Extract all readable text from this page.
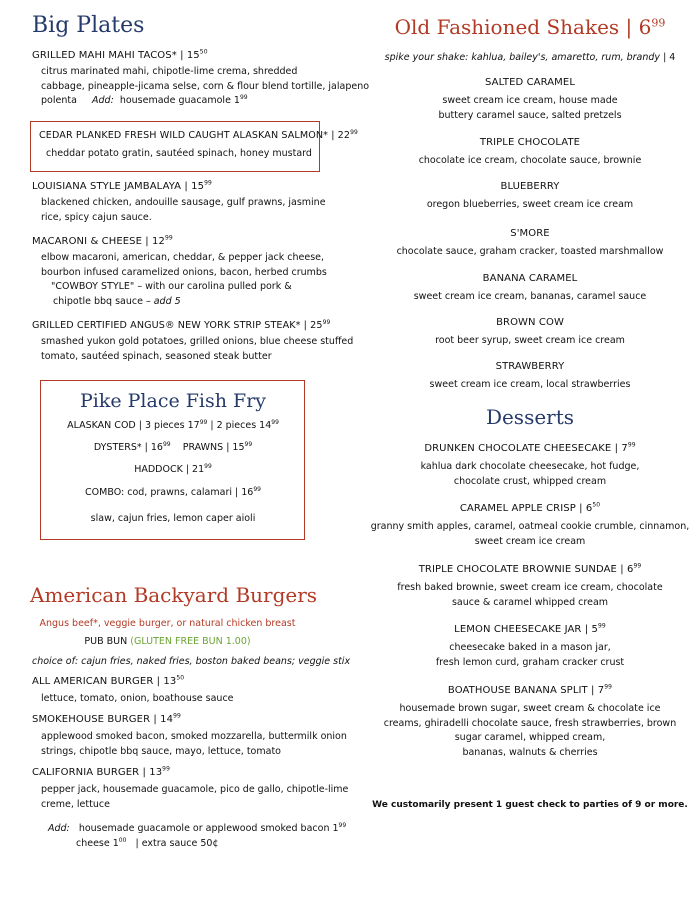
Big Plates
GRILLED MAHI MAHI TACOS* | $15^{50}$
citrus marinated mahi, chipotle-lime crema, shredded
cabbage, pineapple-jicama selse, corn & flour blend tortille, jalapeno
polenta Add: housemade guacamole $1^{99}$
CEDAR PLANKED FRESH WILD CAUGHT ALASKAN SALMON* | $22^{99}$
cheddar potato gratin, sautéed spinach, honey mustard
LOUISIANA STYLE JAMBALAYA | $15^{99}$
blackened chicken, andouille sausage, gulf prawns, jasmine
rice, spicy cajun sauce.
MACARONI & CHEESE | $12^{99}$
elbow macaroni, american, cheddar, & pepper jack cheese,
bourbon infused caramelized onions, bacon, herbed crumbs
"COWBOY STYLE" – with our carolina pulled pork &
chipotle bbq sauce – add 5
GRILLED CERTIFIED ANGUS® NEW YORK STRIP STEAK* | $25^{99}$
smashed yukon gold potatoes, grilled onions, blue cheese stuffed
tomato, sautéed spinach, seasoned steak butter
Pike Place Fish Fry
ALASKAN COD | 3 pieces $17^{99}$ | 2 pieces $14^{99}$
DYSTERS* | $16^{99}$ PRAWNS | $15^{99}$
HADDOCK | $21^{99}$
COMBO: cod, prawns, calamari | $16^{99}$
slaw, cajun fries, lemon caper aioli
American Backyard Burgers
Angus beef*, veggie burger, or natural chicken breast
PUB BUN (GLUTEN FREE BUN 1.00)
choice of: cajun fries, naked fries, boston baked beans; veggie stix
ALL AMERICAN BURGER | $13^{50}$
lettuce, tomato, onion, boathouse sauce
SMOKEHOUSE BURGER | $14^{99}$
applewood smoked bacon, smoked mozzarella, buttermilk onion
strings, chipotle bbq sauce, mayo, lettuce, tomato
CALIFORNIA BURGER | $13^{99}$
pepper jack, housemade guacamole, pico de gallo, chipotle-lime
creme, lettuce
Add: housemade guacamole or applewood smoked bacon $1^{99}$
cheese $1^{00}$ | extra sauce 50¢
Old Fashioned Shakes | $6^{99}$
spike your shake: kahlua, bailey's, amaretto, rum, brandy | 4
SALTED CARAMEL
sweet cream ice cream, house made
buttery caramel sauce, salted pretzels
TRIPLE CHOCOLATE
chocolate ice cream, chocolate sauce, brownie
BLUEBERRY
oregon blueberries, sweet cream ice cream
S'MORE
chocolate sauce, graham cracker, toasted marshmallow
BANANA CARAMEL
sweet cream ice cream, bananas, caramel sauce
BROWN COW
root beer syrup, sweet cream ice cream
STRAWBERRY
sweet cream ice cream, local strawberries
Desserts
DRUNKEN CHOCOLATE CHEESECAKE | $7^{99}$
kahlua dark chocolate cheesecake, hot fudge,
chocolate crust, whipped cream
CARAMEL APPLE CRISP | $6^{50}$
granny smith apples, caramel, oatmeal cookie crumble, cinnamon,
sweet cream ice cream
TRIPLE CHOCOLATE BROWNIE SUNDAE | $6^{99}$
fresh baked brownie, sweet cream ice cream, chocolate
sauce & caramel whipped cream
LEMON CHEESECAKE JAR | $5^{99}$
cheesecake baked in a mason jar,
fresh lemon curd, graham cracker crust
BOATHOUSE BANANA SPLIT | $7^{99}$
housemade brown sugar, sweet cream & chocolate ice
creams, ghiradelli chocolate sauce, fresh strawberries, brown
sugar caramel, whipped cream,
bananas, walnuts & cherries
We customarily present 1 guest check to parties of 9 or more.
